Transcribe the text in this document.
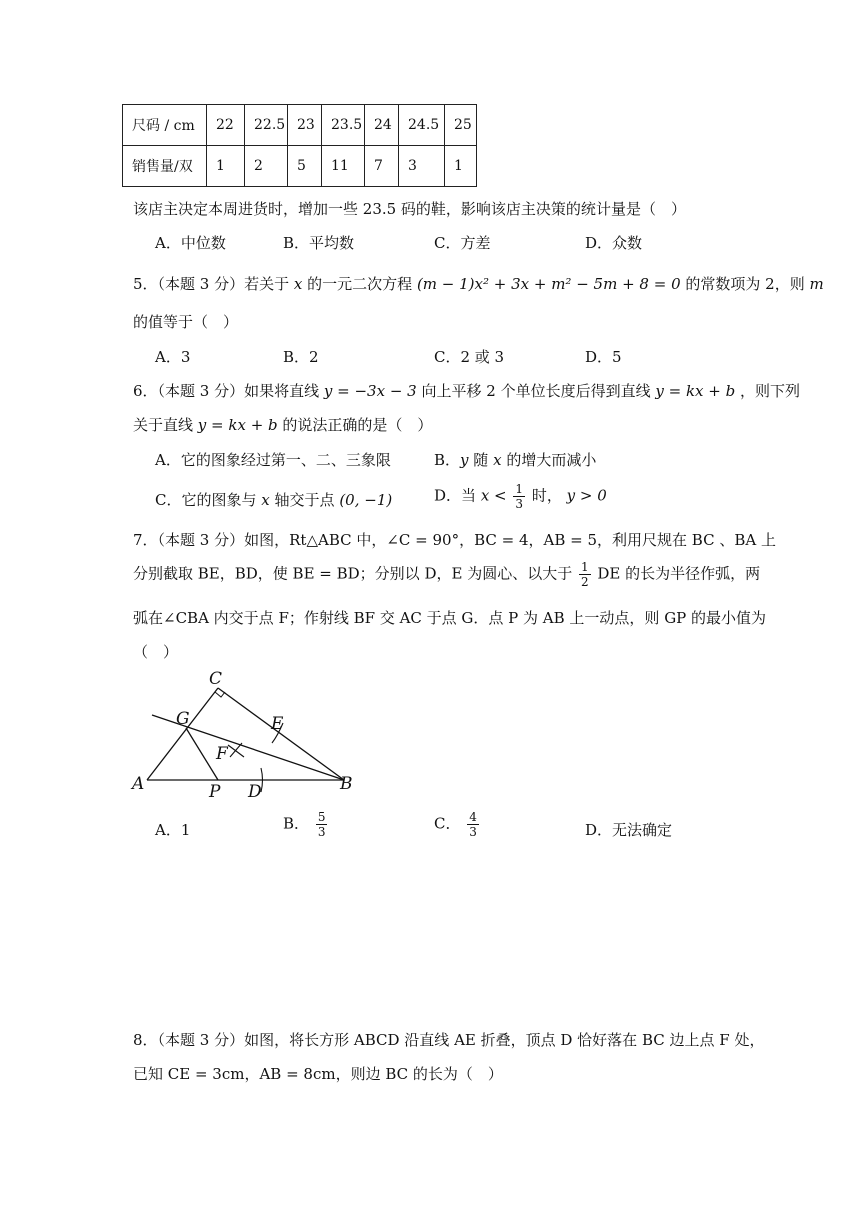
尺码 / cm	22	22.5	23	23.5	24	24.5	25
销售量/双	1	2	5	11	7	3	1
该店主决定本周进货时，增加一些 23.5 码的鞋，影响该店主决策的统计量是（　）
A．中位数	B．平均数	C．方差	D．众数
5．（本题 3 分）若关于 x 的一元二次方程 (m − 1)x² + 3x + m² − 5m + 8 = 0 的常数项为 2，则 m
的值等于（　）
A．3	B．2	C．2 或 3	D．5
6．（本题 3 分）如果将直线 y = −3x − 3 向上平移 2 个单位长度后得到直线 y = kx + b ，则下列
关于直线 y = kx + b 的说法正确的是（　）
A．它的图象经过第一、二、三象限	B．y 随 x 的增大而减小
C．它的图象与 x 轴交于点 (0, −1)	D．当 $x < \frac{1}{3}$ 时， y > 0
7．（本题 3 分）如图，Rt△ABC 中，∠C = 90°，BC = 4，AB = 5，利用尺规在 BC 、BA 上
分别截取 BE，BD，使 BE = BD；分别以 D，E 为圆心、以大于 $\frac{1}{2}$ DE 的长为半径作弧，两
弧在∠CBA 内交于点 F；作射线 BF 交 AC 于点 G．点 P 为 AB 上一动点，则 GP 的最小值为
（　）
C
G	E
F
A	P D	B
A．1	B． $\frac{5}{3}$	C． $\frac{4}{3}$	D．无法确定
8．（本题 3 分）如图，将长方形 ABCD 沿直线 AE 折叠，顶点 D 恰好落在 BC 边上点 F 处，
已知 CE = 3cm，AB = 8cm，则边 BC 的长为（　）
